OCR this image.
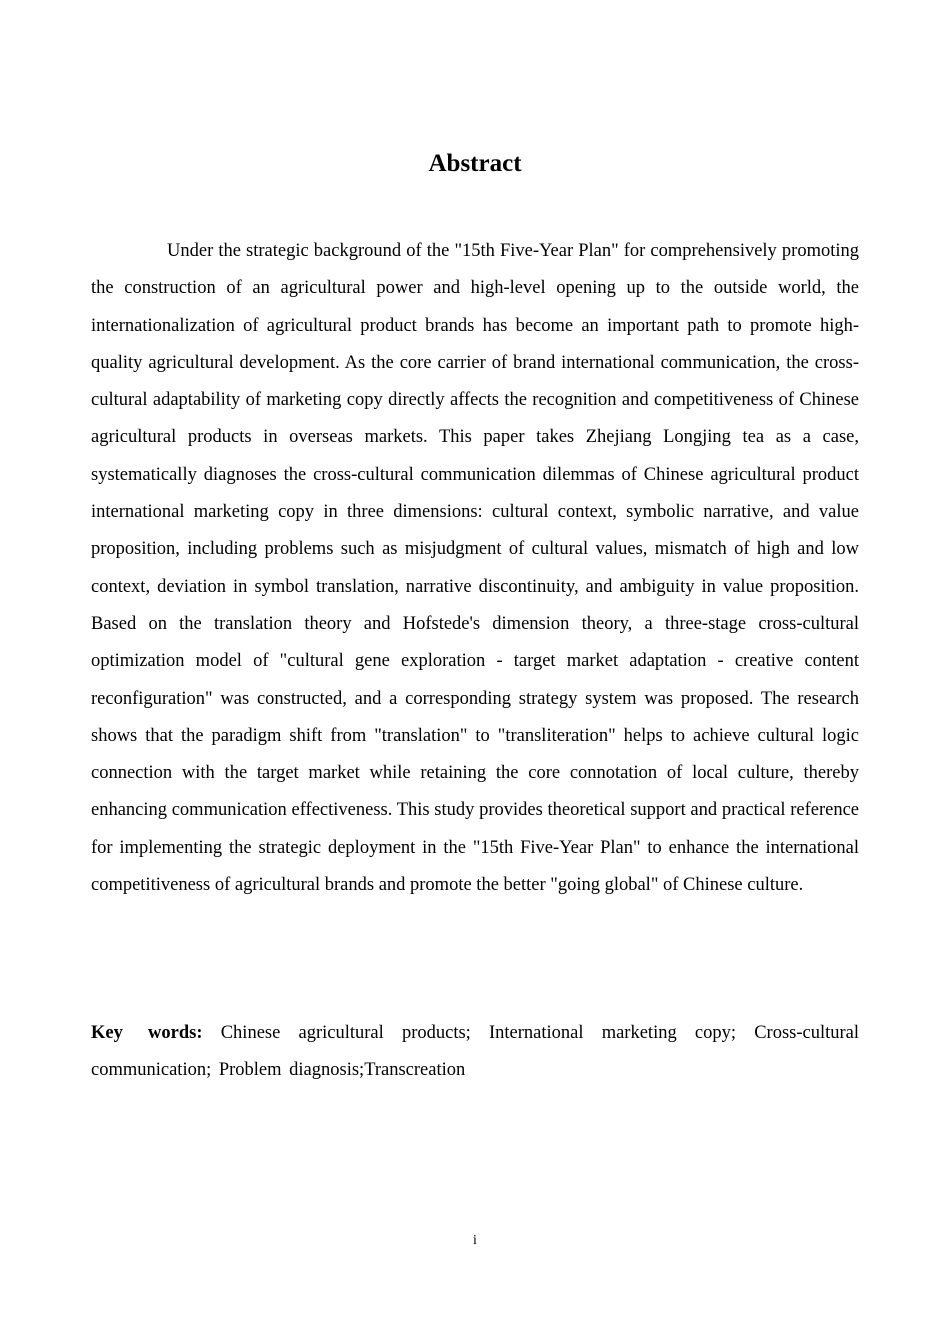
Abstract

Under the strategic background of the "15th Five-Year Plan" for comprehensively promoting the construction of an agricultural power and high-level opening up to the outside world, the internationalization of agricultural product brands has become an important path to promote high-quality agricultural development. As the core carrier of brand international communication, the cross-cultural adaptability of marketing copy directly affects the recognition and competitiveness of Chinese agricultural products in overseas markets. This paper takes Zhejiang Longjing tea as a case, systematically diagnoses the cross-cultural communication dilemmas of Chinese agricultural product international marketing copy in three dimensions: cultural context, symbolic narrative, and value proposition, including problems such as misjudgment of cultural values, mismatch of high and low context, deviation in symbol translation, narrative discontinuity, and ambiguity in value proposition. Based on the translation theory and Hofstede's dimension theory, a three-stage cross-cultural optimization model of "cultural gene exploration - target market adaptation - creative content reconfiguration" was constructed, and a corresponding strategy system was proposed. The research shows that the paradigm shift from "translation" to "transliteration" helps to achieve cultural logic connection with the target market while retaining the core connotation of local culture, thereby enhancing communication effectiveness. This study provides theoretical support and practical reference for implementing the strategic deployment in the "15th Five-Year Plan" to enhance the international competitiveness of agricultural brands and promote the better "going global" of Chinese culture.

Key words: Chinese agricultural products; International marketing copy; Cross-cultural communication; Problem diagnosis;Transcreation

i
